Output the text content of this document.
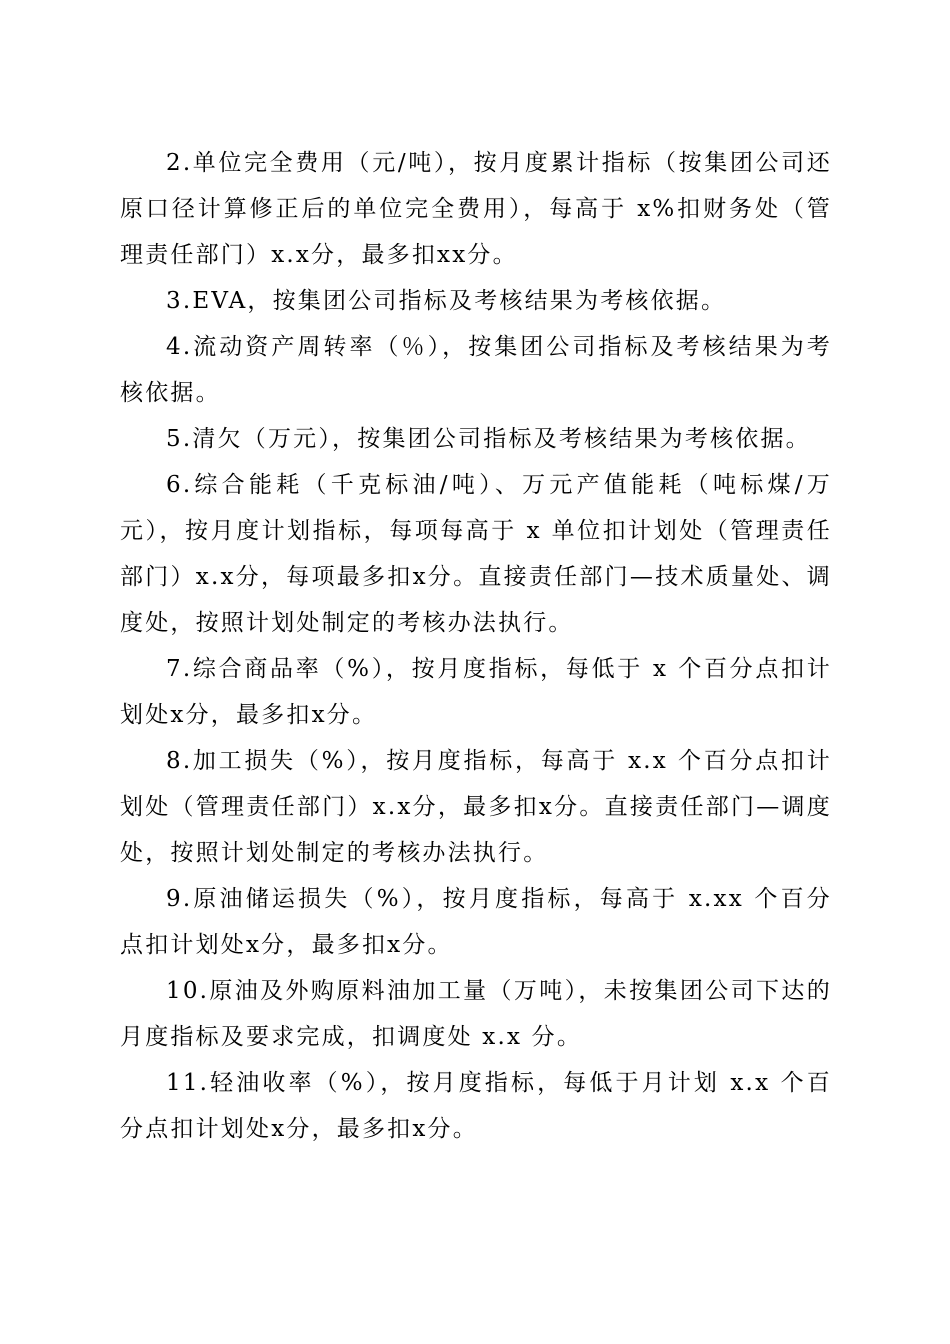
2.单位完全费用（元/吨），按月度累计指标（按集团公司还原口径计算修正后的单位完全费用），每高于 x%扣财务处（管理责任部门）x.x分，最多扣xx分。

3.EVA，按集团公司指标及考核结果为考核依据。

4.流动资产周转率（％），按集团公司指标及考核结果为考核依据。

5.清欠（万元），按集团公司指标及考核结果为考核依据。

6.综合能耗（千克标油/吨）、万元产值能耗（吨标煤/万元），按月度计划指标，每项每高于 x 单位扣计划处（管理责任部门）x.x分，每项最多扣x分。直接责任部门—技术质量处、调度处，按照计划处制定的考核办法执行。

7.综合商品率（%），按月度指标，每低于 x 个百分点扣计划处x分，最多扣x分。

8.加工损失（%），按月度指标，每高于 x.x 个百分点扣计划处（管理责任部门）x.x分，最多扣x分。直接责任部门—调度处，按照计划处制定的考核办法执行。

9.原油储运损失（%），按月度指标，每高于 x.xx 个百分点扣计划处x分，最多扣x分。

10.原油及外购原料油加工量（万吨），未按集团公司下达的月度指标及要求完成，扣调度处 x.x 分。

11.轻油收率（%），按月度指标，每低于月计划 x.x 个百分点扣计划处x分，最多扣x分。
